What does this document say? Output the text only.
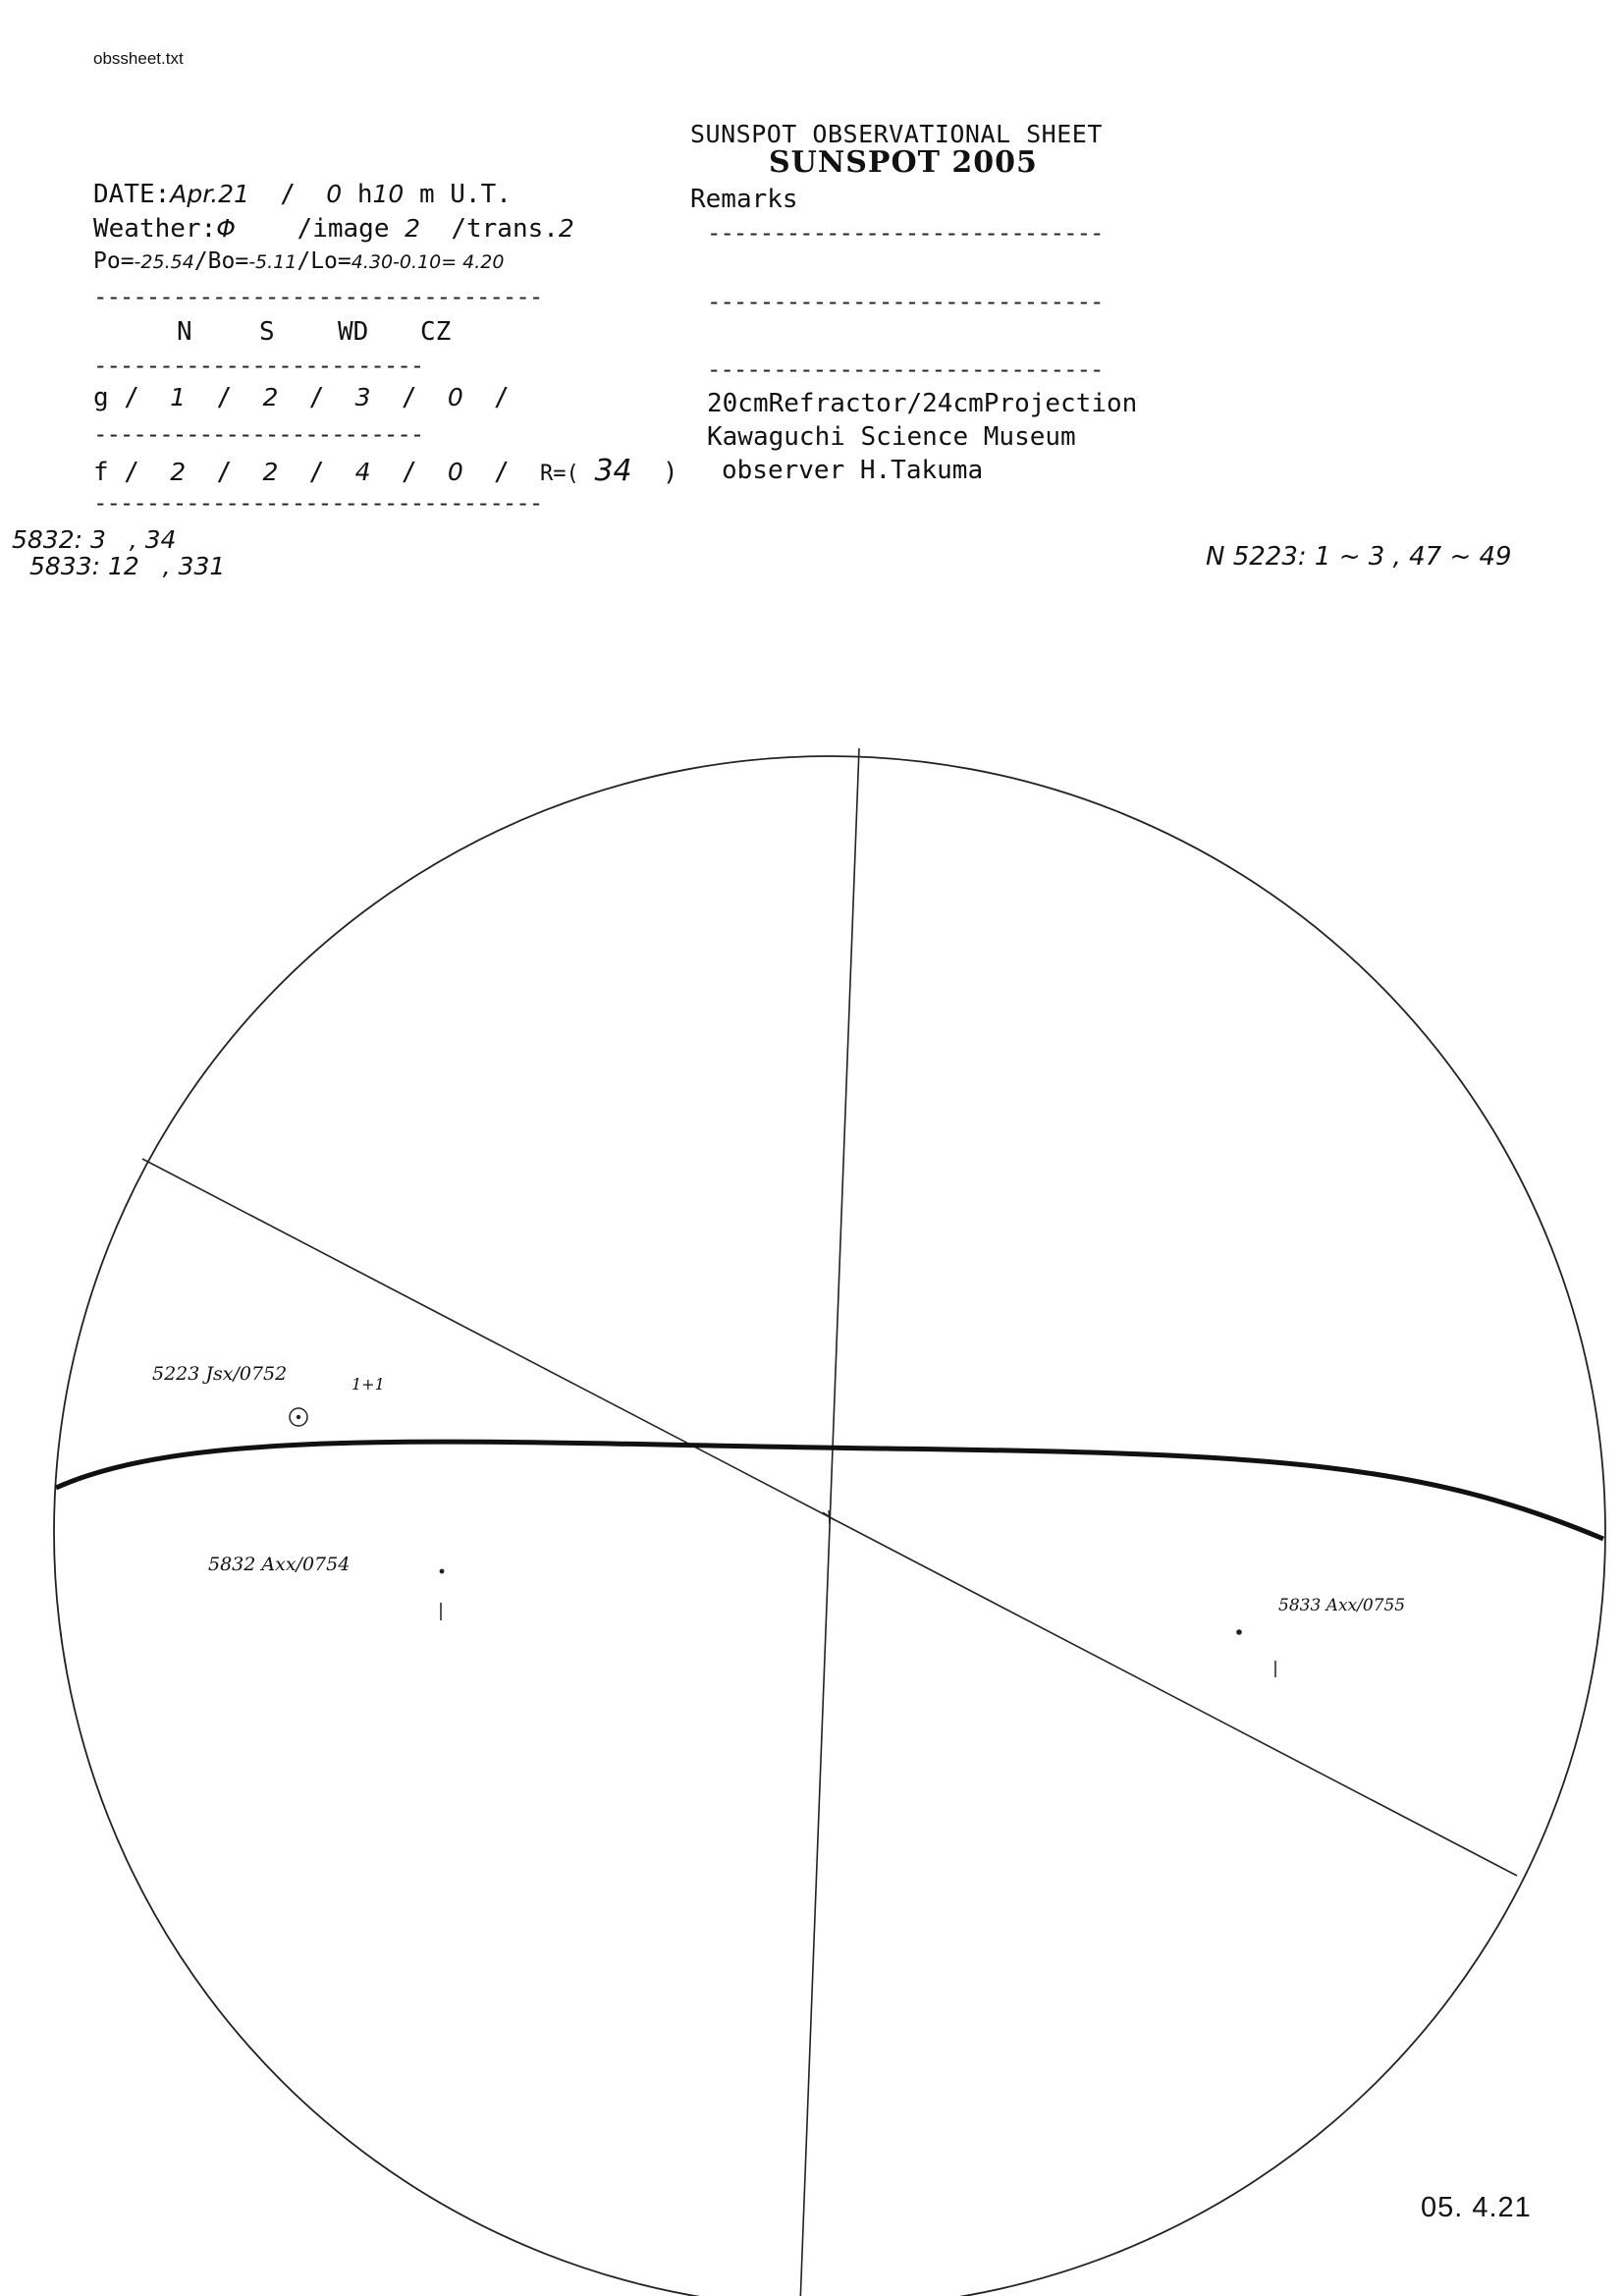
obssheet.txt
SUNSPOT OBSERVATIONAL SHEET
SUNSPOT 2005
DATE:Apr.21  /  0 h10 m U.T.
Weather:Φ /image 2 /trans.2
Po=-25.54/Bo=-5.11/Lo=4.30-0.10= 4.20
----------------------------------
N	S WD CZ
-------------------------
g /  1  /  2  /  3  /  0  /
-------------------------
f /  2  /  2  /  4  /  0  /  R=( 34 )
----------------------------------
Remarks
------------------------------
------------------------------
------------------------------
20cmRefractor/24cmProjection
Kawaguchi Science Museum
observer H.Takuma
5832: 3   , 34
5833: 12   , 331	N 5223: 1 ~ 3 , 47 ~ 49
5223 Jsx/0752	1+1
5832 Axx/0754
5833 Axx/0755
05. 4.21
